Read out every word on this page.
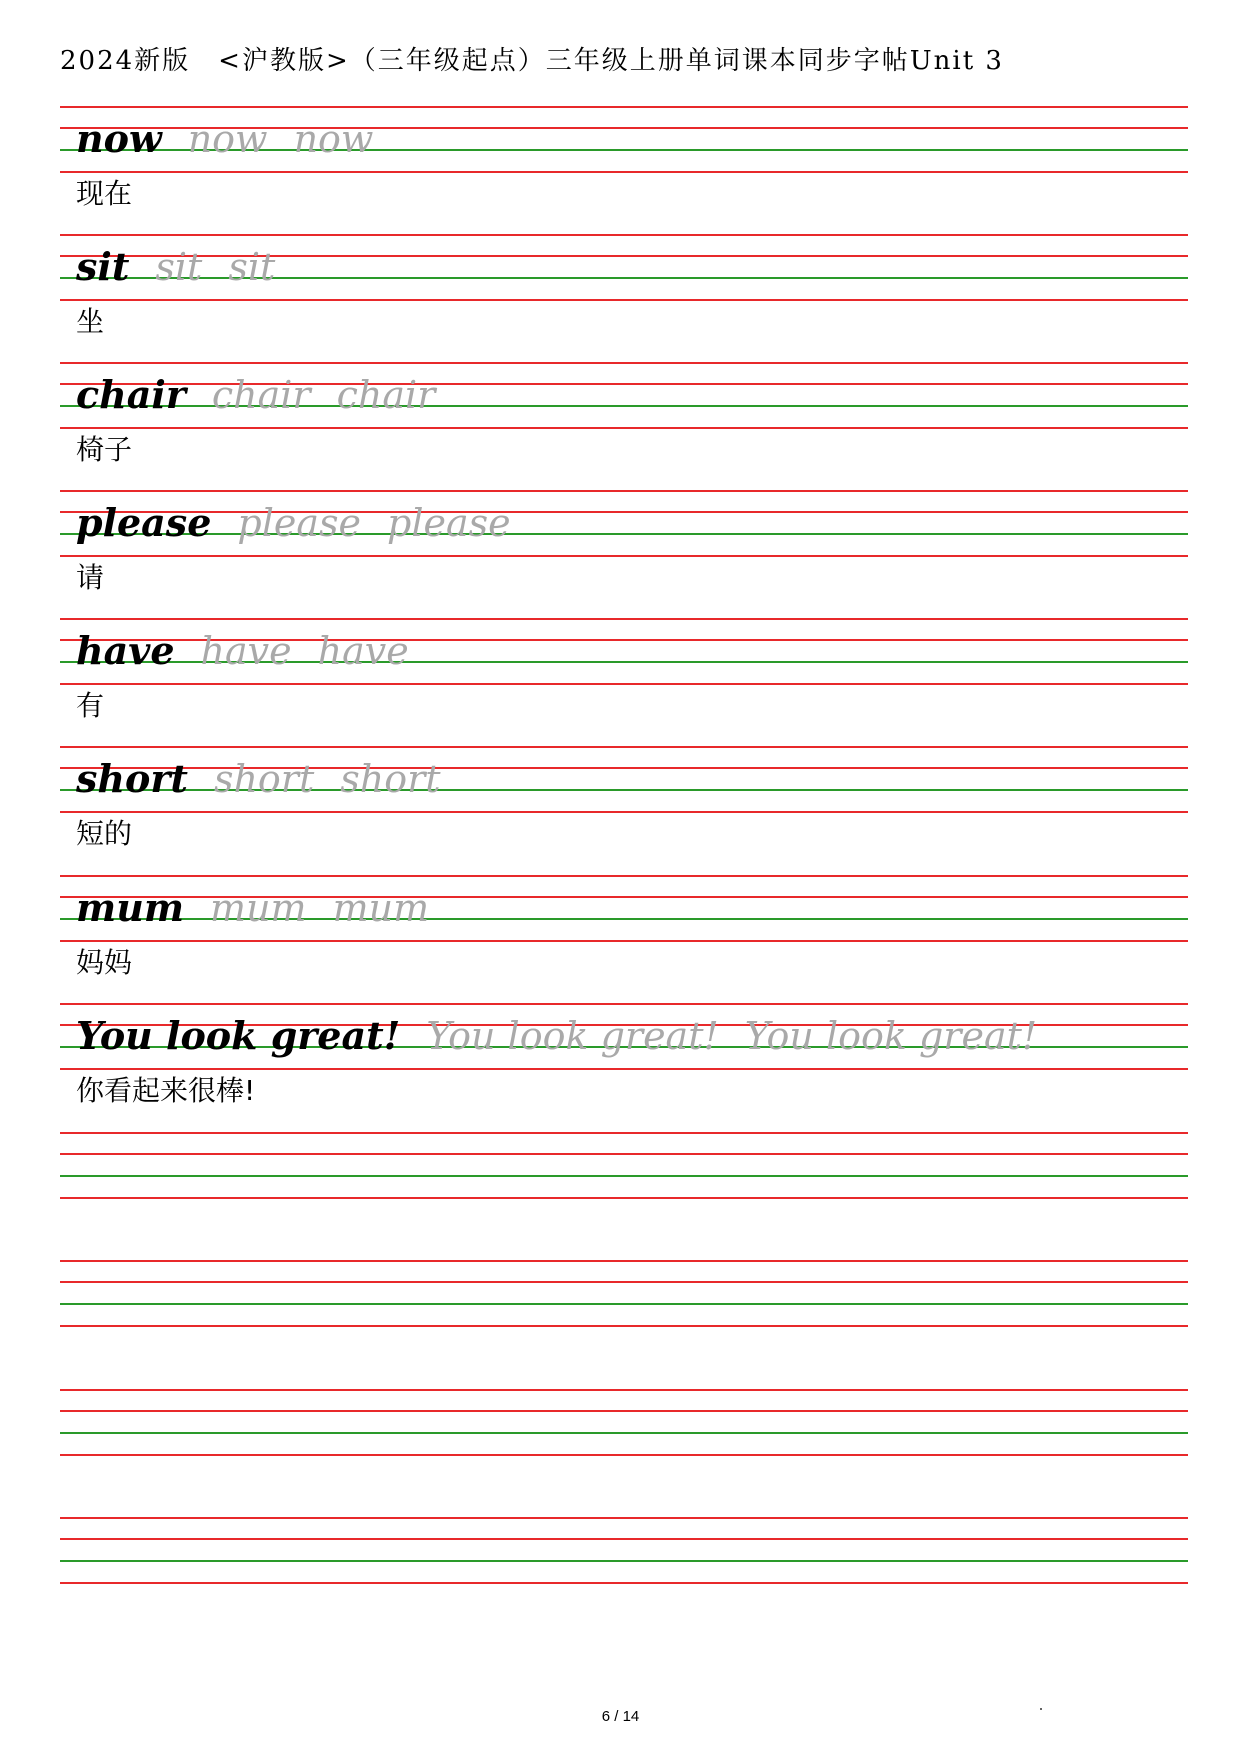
2024新版　<沪教版>（三年级起点）三年级上册单词课本同步字帖Unit 3
now now now
现在
sit sit sit
坐
chair chair chair
椅子
please please please
请
have have have
有
short short short
短的
mum mum mum
妈妈
You look great! You look great! You look great!
你看起来很棒!
6 / 14
